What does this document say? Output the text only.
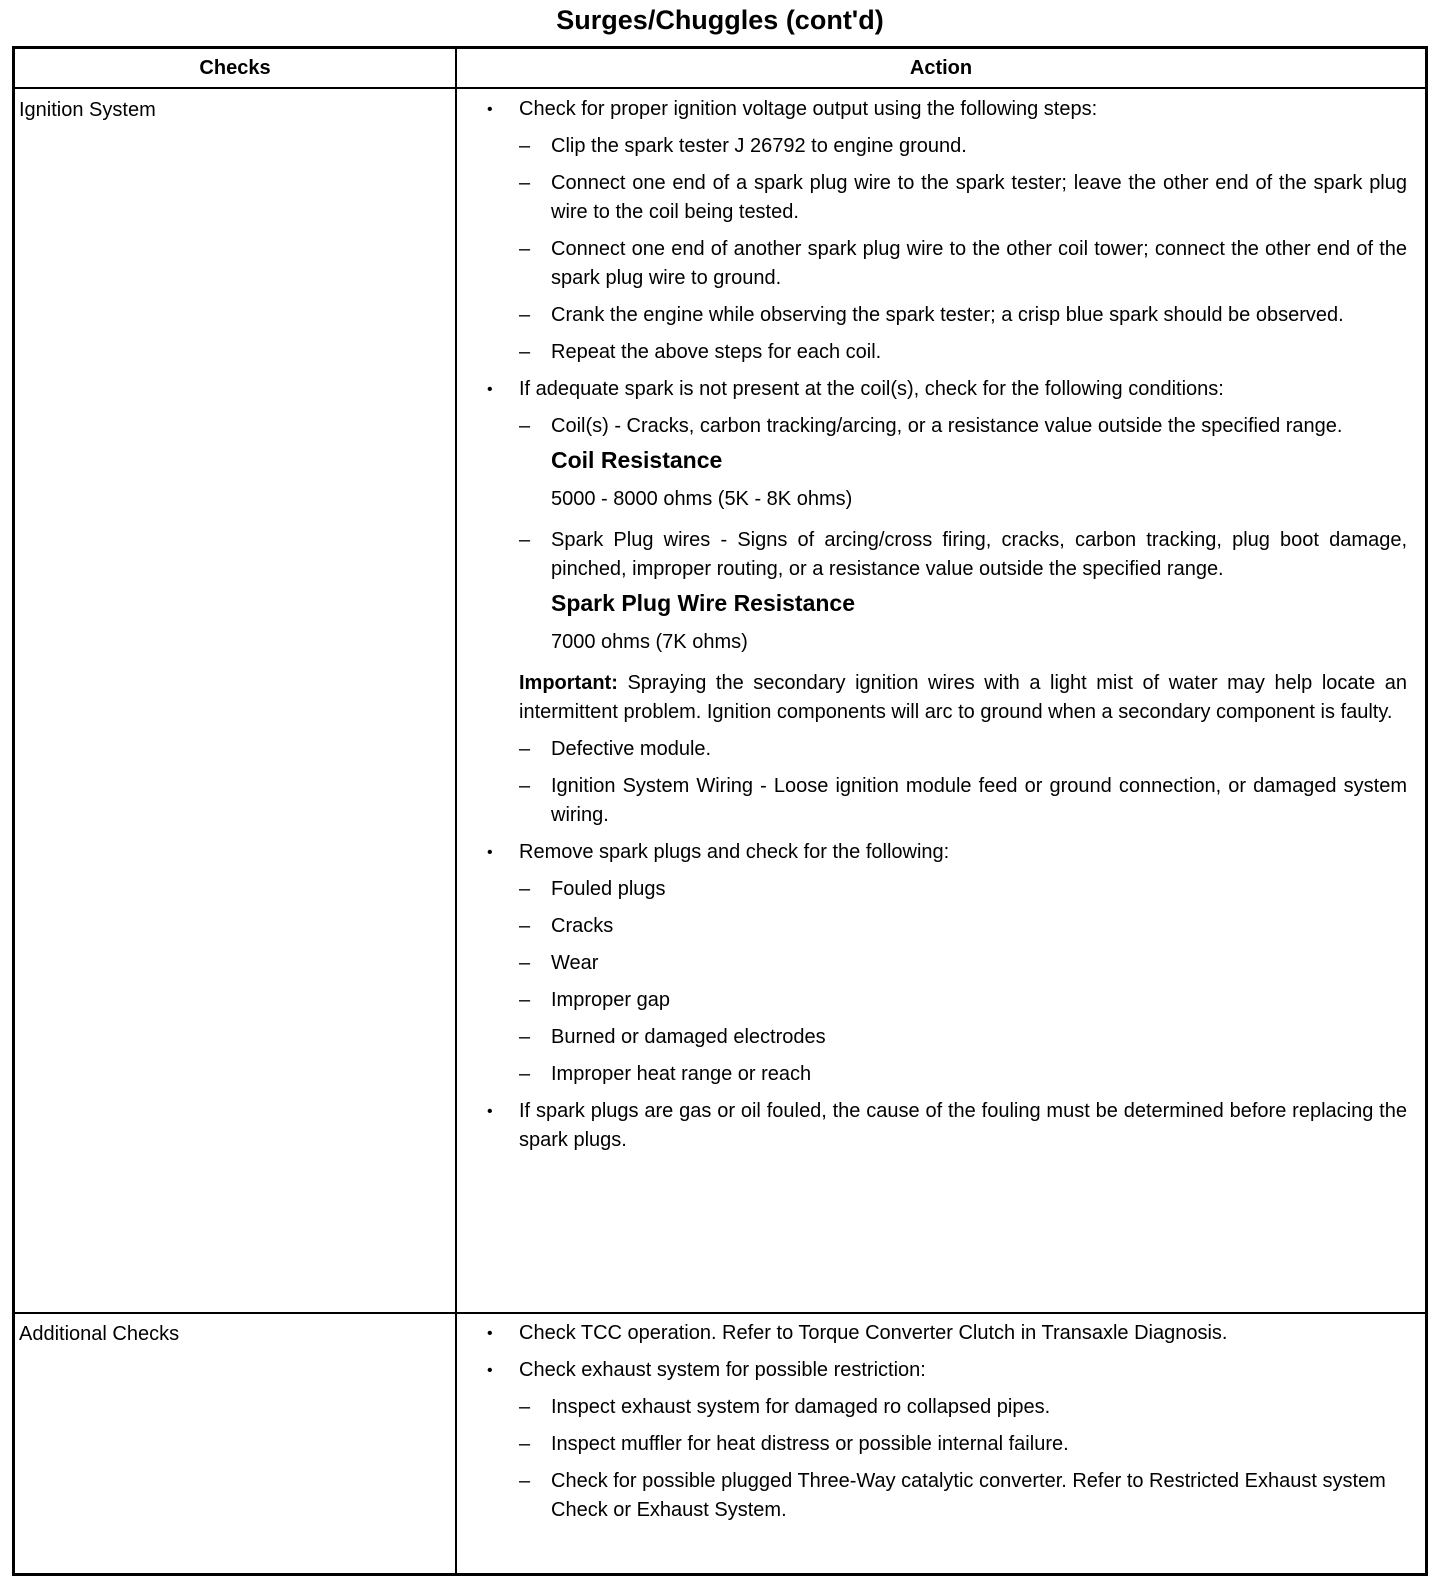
Surges/Chuggles (cont'd)
Checks	Action
Ignition System	• Check for proper ignition voltage output using the following steps:
– Clip the spark tester J 26792 to engine ground.
– Connect one end of a spark plug wire to the spark tester; leave the other end of the spark plug wire to the coil being tested.
– Connect one end of another spark plug wire to the other coil tower; connect the other end of the spark plug wire to ground.
– Crank the engine while observing the spark tester; a crisp blue spark should be observed.
– Repeat the above steps for each coil.
• If adequate spark is not present at the coil(s), check for the following conditions:
– Coil(s) - Cracks, carbon tracking/arcing, or a resistance value outside the specified range.
Coil Resistance
5000 - 8000 ohms (5K - 8K ohms)
– Spark Plug wires - Signs of arcing/cross firing, cracks, carbon tracking, plug boot damage, pinched, improper routing, or a resistance value outside the specified range.
Spark Plug Wire Resistance
7000 ohms (7K ohms)
Important: Spraying the secondary ignition wires with a light mist of water may help locate an intermittent problem. Ignition components will arc to ground when a secondary component is faulty.
– Defective module.
– Ignition System Wiring - Loose ignition module feed or ground connection, or damaged system wiring.
• Remove spark plugs and check for the following:
– Fouled plugs
– Cracks
– Wear
– Improper gap
– Burned or damaged electrodes
– Improper heat range or reach
• If spark plugs are gas or oil fouled, the cause of the fouling must be determined before replacing the spark plugs.
Additional Checks	• Check TCC operation. Refer to Torque Converter Clutch in Transaxle Diagnosis.
• Check exhaust system for possible restriction:
– Inspect exhaust system for damaged ro collapsed pipes.
– Inspect muffler for heat distress or possible internal failure.
– Check for possible plugged Three-Way catalytic converter. Refer to Restricted Exhaust system Check or Exhaust System.
